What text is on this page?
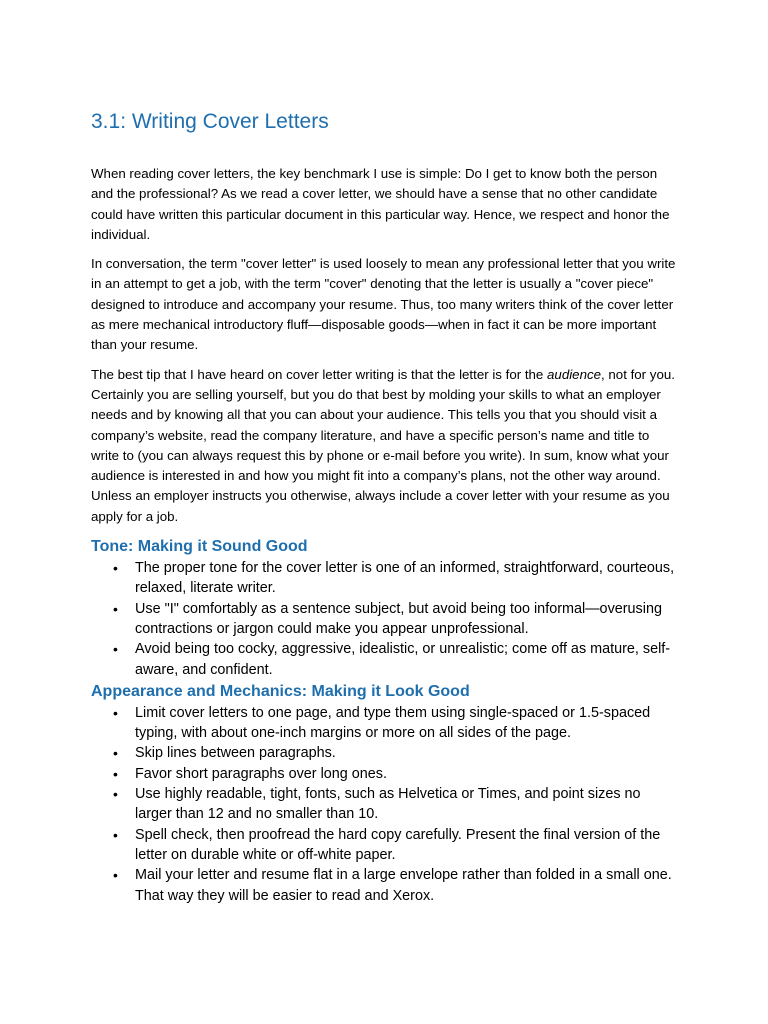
3.1: Writing Cover Letters

When reading cover letters, the key benchmark I use is simple: Do I get to know both the person and the professional? As we read a cover letter, we should have a sense that no other candidate could have written this particular document in this particular way. Hence, we respect and honor the individual.

In conversation, the term "cover letter" is used loosely to mean any professional letter that you write in an attempt to get a job, with the term "cover" denoting that the letter is usually a "cover piece" designed to introduce and accompany your resume. Thus, too many writers think of the cover letter as mere mechanical introductory fluff—disposable goods—when in fact it can be more important than your resume.

The best tip that I have heard on cover letter writing is that the letter is for the audience, not for you. Certainly you are selling yourself, but you do that best by molding your skills to what an employer needs and by knowing all that you can about your audience. This tells you that you should visit a company’s website, read the company literature, and have a specific person’s name and title to write to (you can always request this by phone or e-mail before you write). In sum, know what your audience is interested in and how you might fit into a company’s plans, not the other way around. Unless an employer instructs you otherwise, always include a cover letter with your resume as you apply for a job.

Tone: Making it Sound Good
• The proper tone for the cover letter is one of an informed, straightforward, courteous, relaxed, literate writer.
• Use "I" comfortably as a sentence subject, but avoid being too informal—overusing contractions or jargon could make you appear unprofessional.
• Avoid being too cocky, aggressive, idealistic, or unrealistic; come off as mature, self-aware, and confident.
Appearance and Mechanics: Making it Look Good
• Limit cover letters to one page, and type them using single-spaced or 1.5-spaced typing, with about one-inch margins or more on all sides of the page.
• Skip lines between paragraphs.
• Favor short paragraphs over long ones.
• Use highly readable, tight, fonts, such as Helvetica or Times, and point sizes no larger than 12 and no smaller than 10.
• Spell check, then proofread the hard copy carefully. Present the final version of the letter on durable white or off-white paper.
• Mail your letter and resume flat in a large envelope rather than folded in a small one. That way they will be easier to read and Xerox.
